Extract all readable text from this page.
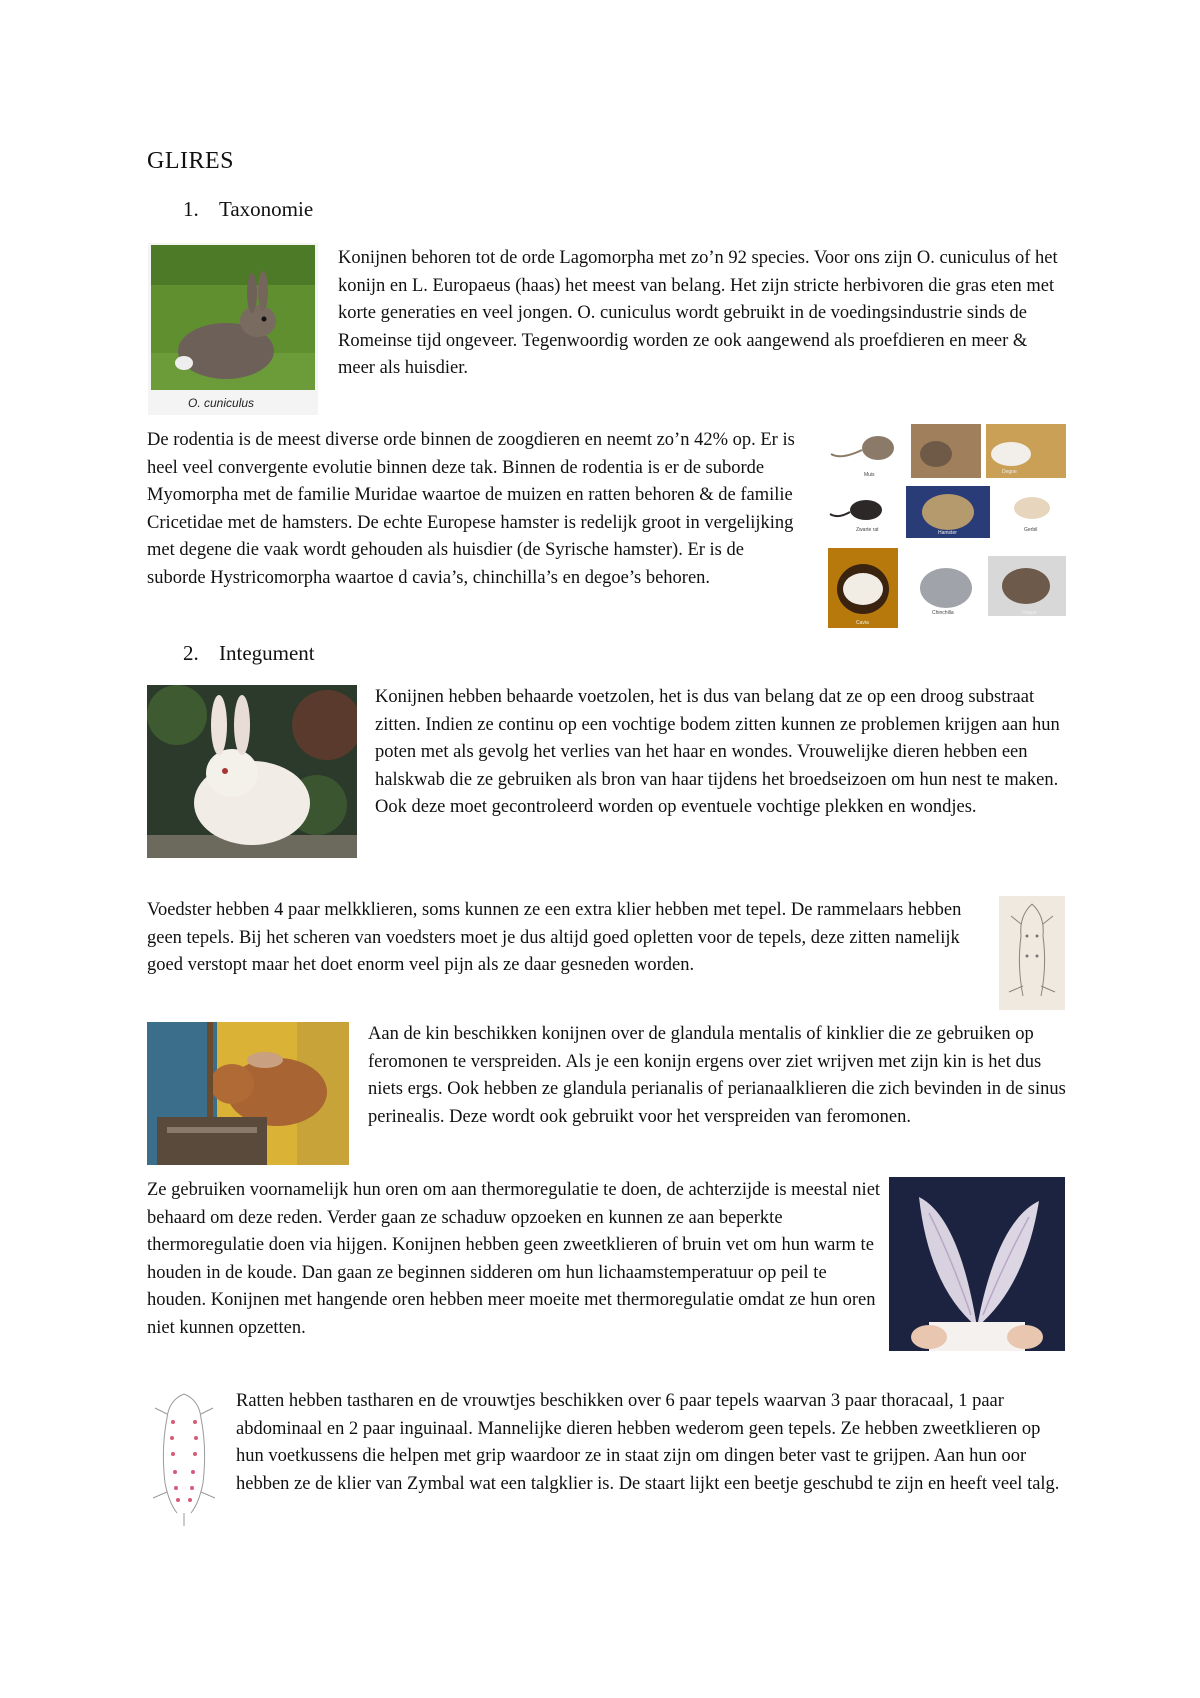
GLIRES
1. Taxonomie
O. cuniculus
Konijnen behoren tot de orde Lagomorpha met zo’n 92 species. Voor ons zijn O. cuniculus of het konijn en L. Europaeus (haas) het meest van belang. Het zijn stricte herbivoren die gras eten met korte generaties en veel jongen. O. cuniculus wordt gebruikt in de voedingsindustrie sinds de Romeinse tijd ongeveer. Tegenwoordig worden ze ook aangewend als proefdieren en meer & meer als huisdier.
De rodentia is de meest diverse orde binnen de zoogdieren en neemt zo’n 42% op. Er is heel veel convergente evolutie binnen deze tak. Binnen de rodentia is er de suborde Myomorpha met de familie Muridae waartoe de muizen en ratten behoren & de familie Cricetidae met de hamsters. De echte Europese hamster is redelijk groot in vergelijking met degene die vaak wordt gehouden als huisdier (de Syrische hamster). Er is de suborde Hystricomorpha waartoe d cavia’s, chinchilla’s en degoe’s behoren.
Muis	Degoe
Zwarte rat	Hamster	Gerbil
Cavia
Chinchilla	Degoe
2. Integument
Konijnen hebben behaarde voetzolen, het is dus van belang dat ze op een droog substraat zitten. Indien ze continu op een vochtige bodem zitten kunnen ze problemen krijgen aan hun poten met als gevolg het verlies van het haar en wondes. Vrouwelijke dieren hebben een halskwab die ze gebruiken als bron van haar tijdens het broedseizoen om hun nest te maken. Ook deze moet gecontroleerd worden op eventuele vochtige plekken en wondjes.
Voedster hebben 4 paar melkklieren, soms kunnen ze een extra klier hebben met tepel. De rammelaars hebben geen tepels. Bij het scheren van voedsters moet je dus altijd goed opletten voor de tepels, deze zitten namelijk goed verstopt maar het doet enorm veel pijn als ze daar gesneden worden.
Aan de kin beschikken konijnen over de glandula mentalis of kinklier die ze gebruiken op feromonen te verspreiden. Als je een konijn ergens over ziet wrijven met zijn kin is het dus niets ergs. Ook hebben ze glandula perianalis of perianaalklieren die zich bevinden in de sinus perinealis. Deze wordt ook gebruikt voor het verspreiden van feromonen.
Ze gebruiken voornamelijk hun oren om aan thermoregulatie te doen, de achterzijde is meestal niet behaard om deze reden. Verder gaan ze schaduw opzoeken en kunnen ze aan beperkte thermoregulatie doen via hijgen. Konijnen hebben geen zweetklieren of bruin vet om hun warm te houden in de koude. Dan gaan ze beginnen sidderen om hun lichaamstemperatuur op peil te houden. Konijnen met hangende oren hebben meer moeite met thermoregulatie omdat ze hun oren niet kunnen opzetten.
Ratten hebben tastharen en de vrouwtjes beschikken over 6 paar tepels waarvan 3 paar thoracaal, 1 paar abdominaal en 2 paar inguinaal. Mannelijke dieren hebben wederom geen tepels. Ze hebben zweetklieren op hun voetkussens die helpen met grip waardoor ze in staat zijn om dingen beter vast te grijpen. Aan hun oor hebben ze de klier van Zymbal wat een talgklier is. De staart lijkt een beetje geschubd te zijn en heeft veel talg.
